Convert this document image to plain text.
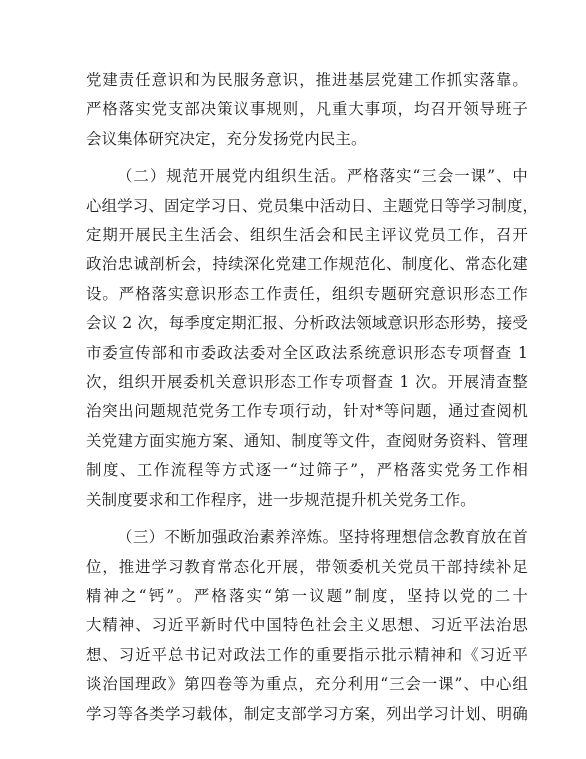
党建责任意识和为民服务意识，推进基层党建工作抓实落靠。
严格落实党支部决策议事规则，凡重大事项，均召开领导班子
会议集体研究决定，充分发扬党内民主。
（二）规范开展党内组织生活。严格落实“三会一课”、中
心组学习、固定学习日、党员集中活动日、主题党日等学习制度，
定期开展民主生活会、组织生活会和民主评议党员工作，召开
政治忠诚剖析会，持续深化党建工作规范化、制度化、常态化建
设。严格落实意识形态工作责任，组织专题研究意识形态工作
会议 2 次，每季度定期汇报、分析政法领域意识形态形势，接受
市委宣传部和市委政法委对全区政法系统意识形态专项督查 1
次，组织开展委机关意识形态工作专项督查 1 次。开展清查整
治突出问题规范党务工作专项行动，针对*等问题，通过查阅机
关党建方面实施方案、通知、制度等文件，查阅财务资料、管理
制度、工作流程等方式逐一“过筛子”，严格落实党务工作相
关制度要求和工作程序，进一步规范提升机关党务工作。
（三）不断加强政治素养淬炼。坚持将理想信念教育放在首
位，推进学习教育常态化开展，带领委机关党员干部持续补足
精神之“钙”。严格落实“第一议题”制度，坚持以党的二十
大精神、习近平新时代中国特色社会主义思想、习近平法治思
想、习近平总书记对政法工作的重要指示批示精神和《习近平
谈治国理政》第四卷等为重点，充分利用“三会一课”、中心组
学习等各类学习载体，制定支部学习方案，列出学习计划、明确
